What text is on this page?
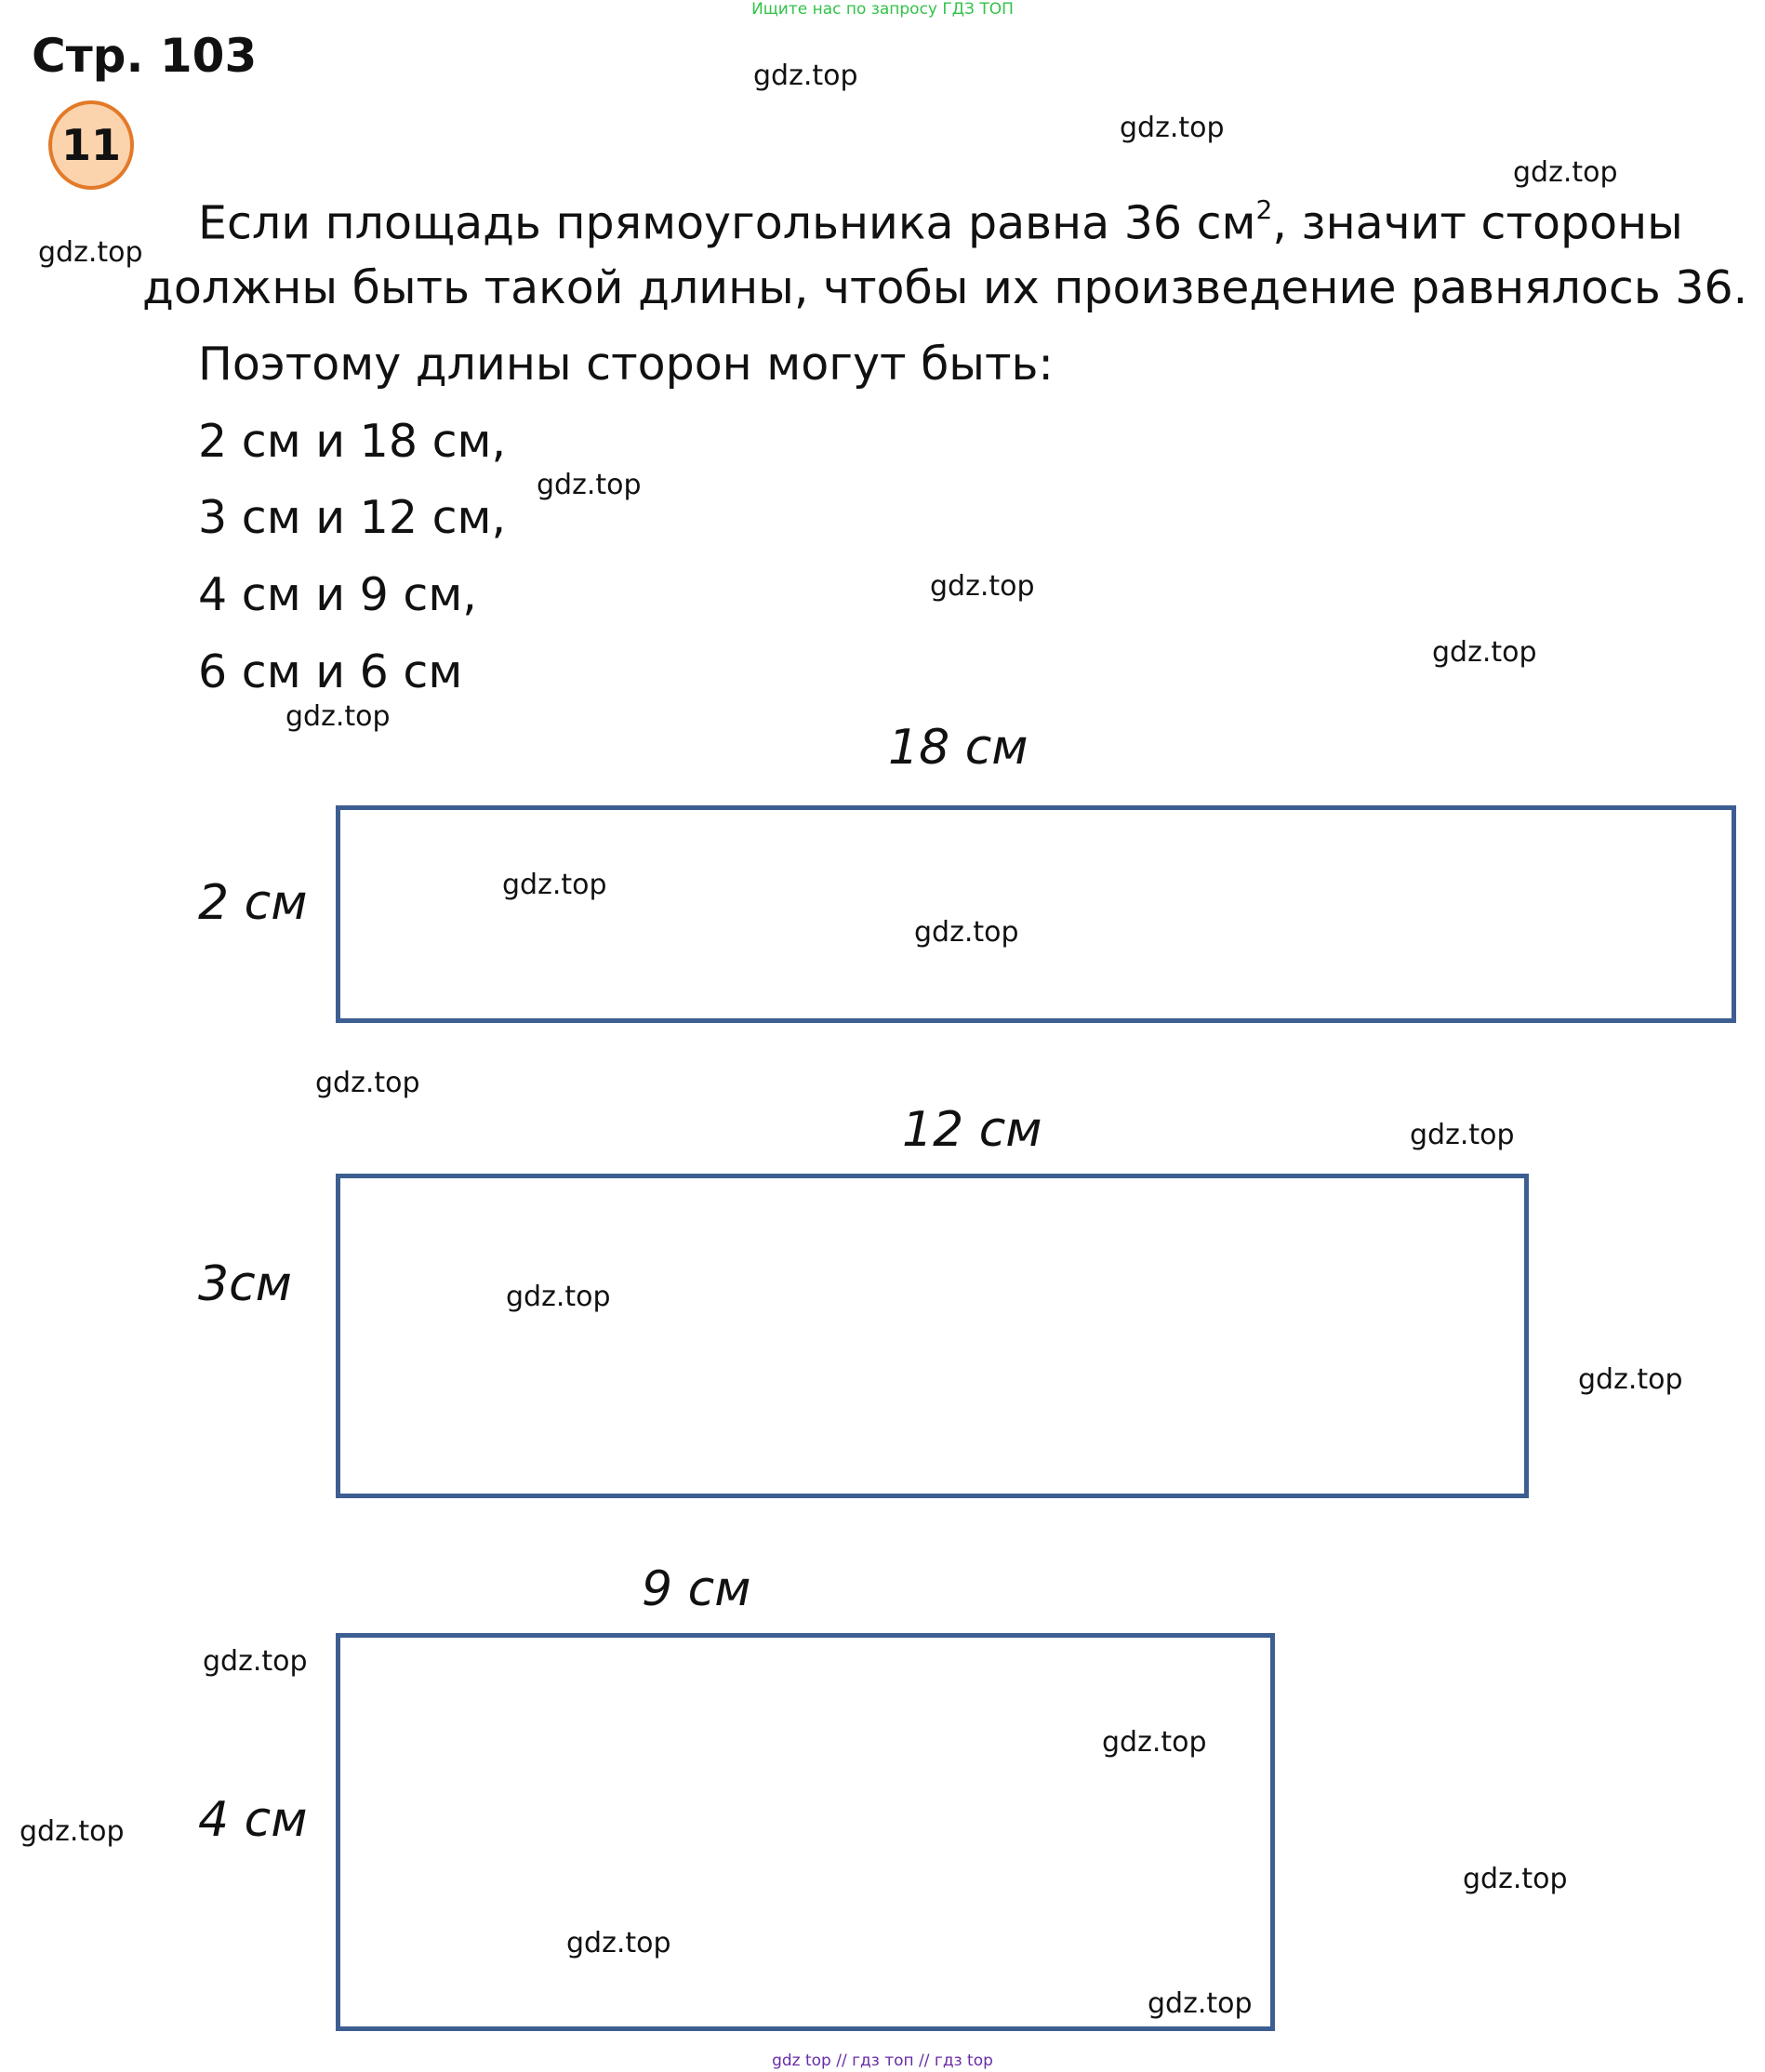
Ищите нас по запросу ГДЗ ТОП
Стр. 103
11
Если площадь прямоугольника равна 36 $см^2$, значит стороны
должны быть такой длины, чтобы их произведение равнялось 36.
Поэтому длины сторон могут быть:
2 см и 18 см,
3 см и 12 см,
4 см и 9 см,
6 см и 6 см
18 см
2 см
12 см
3см
9 см
4 см
gdz.top
gdz.top
gdz.top
gdz.top
gdz.top
gdz.top
gdz.top
gdz.top
gdz.top
gdz.top
gdz.top
gdz.top
gdz.top
gdz.top
gdz.top
gdz.top
gdz.top
gdz.top
gdz.top
gdz.top
gdz top // гдз топ // гдз top
